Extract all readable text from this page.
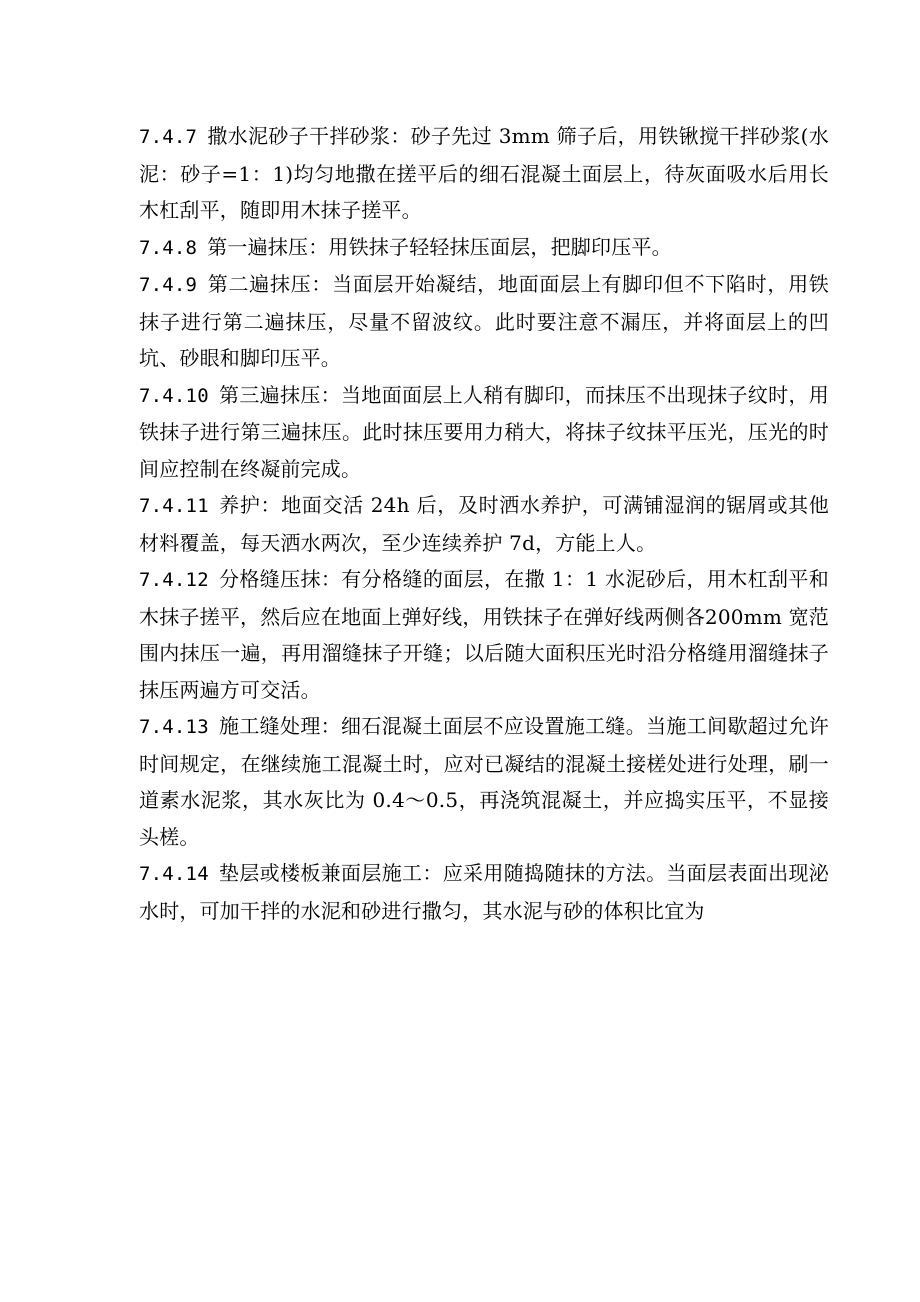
7.4.7 撒水泥砂子干拌砂浆：砂子先过 3mm 筛子后，用铁锹搅干拌砂浆(水泥：砂子=1：1)均匀地撒在搓平后的细石混凝土面层上，待灰面吸水后用长木杠刮平，随即用木抹子搓平。

7.4.8 第一遍抹压：用铁抹子轻轻抹压面层，把脚印压平。

7.4.9 第二遍抹压：当面层开始凝结，地面面层上有脚印但不下陷时，用铁抹子进行第二遍抹压，尽量不留波纹。此时要注意不漏压，并将面层上的凹坑、砂眼和脚印压平。

7.4.10 第三遍抹压：当地面面层上人稍有脚印，而抹压不出现抹子纹时，用铁抹子进行第三遍抹压。此时抹压要用力稍大，将抹子纹抹平压光，压光的时间应控制在终凝前完成。

7.4.11 养护：地面交活 24h 后，及时洒水养护，可满铺湿润的锯屑或其他材料覆盖，每天洒水两次，至少连续养护 7d，方能上人。

7.4.12 分格缝压抹：有分格缝的面层，在撒 1：1 水泥砂后，用木杠刮平和木抹子搓平，然后应在地面上弹好线，用铁抹子在弹好线两侧各200mm 宽范围内抹压一遍，再用溜缝抹子开缝；以后随大面积压光时沿分格缝用溜缝抹子抹压两遍方可交活。

7.4.13 施工缝处理：细石混凝土面层不应设置施工缝。当施工间歇超过允许时间规定，在继续施工混凝土时，应对已凝结的混凝土接槎处进行处理，刷一道素水泥浆，其水灰比为 0.4～0.5，再浇筑混凝土，并应捣实压平，不显接头槎。

7.4.14 垫层或楼板兼面层施工：应采用随捣随抹的方法。当面层表面出现泌水时，可加干拌的水泥和砂进行撒匀，其水泥与砂的体积比宜为
